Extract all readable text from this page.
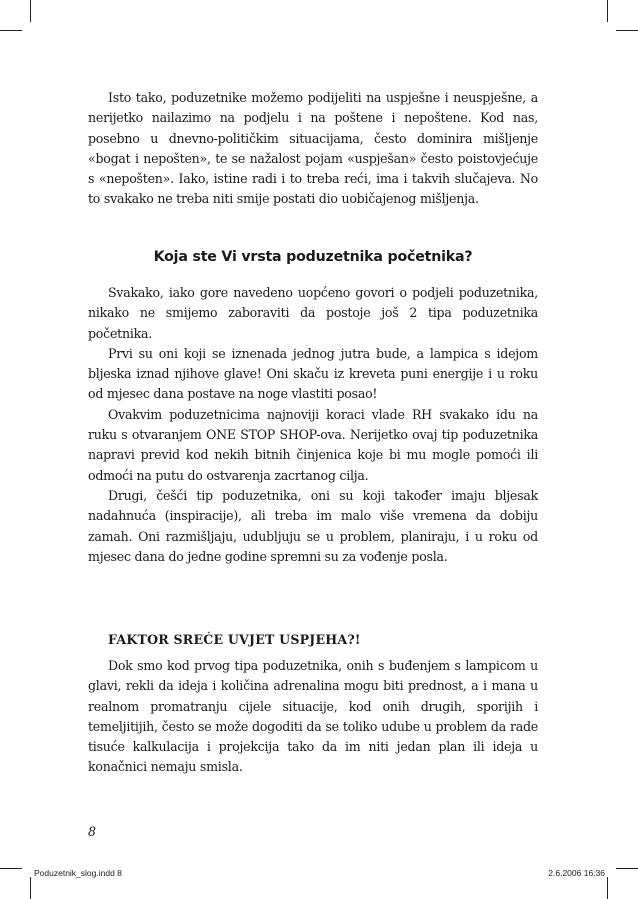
Isto tako, poduzetnike možemo podijeliti na uspješne i neuspješne, a nerijetko nailazimo na podjelu i na poštene i nepoštene. Kod nas, posebno u dnevno-političkim situacijama, često dominira mišljenje «bogat i nepošten», te se nažalost pojam «uspješan» često poistovjećuje s «nepošten». Iako, istine radi i to treba reći, ima i takvih slučajeva. No to svakako ne treba niti smije postati dio uobičajenog mišljenja.

Koja ste Vi vrsta poduzetnika početnika?

Svakako, iako gore navedeno uopćeno govori o podjeli poduzetnika, nikako ne smijemo zaboraviti da postoje još 2 tipa poduzetnika početnika.

Prvi su oni koji se iznenada jednog jutra bude, a lampica s idejom bljeska iznad njihove glave! Oni skaču iz kreveta puni energije i u roku od mjesec dana postave na noge vlastiti posao!

Ovakvim poduzetnicima najnoviji koraci vlade RH svakako idu na ruku s otvaranjem ONE STOP SHOP-ova. Nerijetko ovaj tip poduzetnika napravi previd kod nekih bitnih činjenica koje bi mu mogle pomoći ili odmoći na putu do ostvarenja zacrtanog cilja.

Drugi, češći tip poduzetnika, oni su koji također imaju bljesak nadahnuća (inspiracije), ali treba im malo više vremena da dobiju zamah. Oni razmišljaju, udubljuju se u problem, planiraju, i u roku od mjesec dana do jedne godine spremni su za vođenje posla.

FAKTOR SREĆE UVJET USPJEHA?!

Dok smo kod prvog tipa poduzetnika, onih s buđenjem s lampicom u glavi, rekli da ideja i količina adrenalina mogu biti prednost, a i mana u realnom promatranju cijele situacije, kod onih drugih, sporijih i temeljitijih, često se može dogoditi da se toliko udube u problem da rade tisuće kalkulacija i projekcija tako da im niti jedan plan ili ideja u konačnici nemaju smisla.

8
Poduzetnik_slog.indd 8	2.6.2006 16:36
